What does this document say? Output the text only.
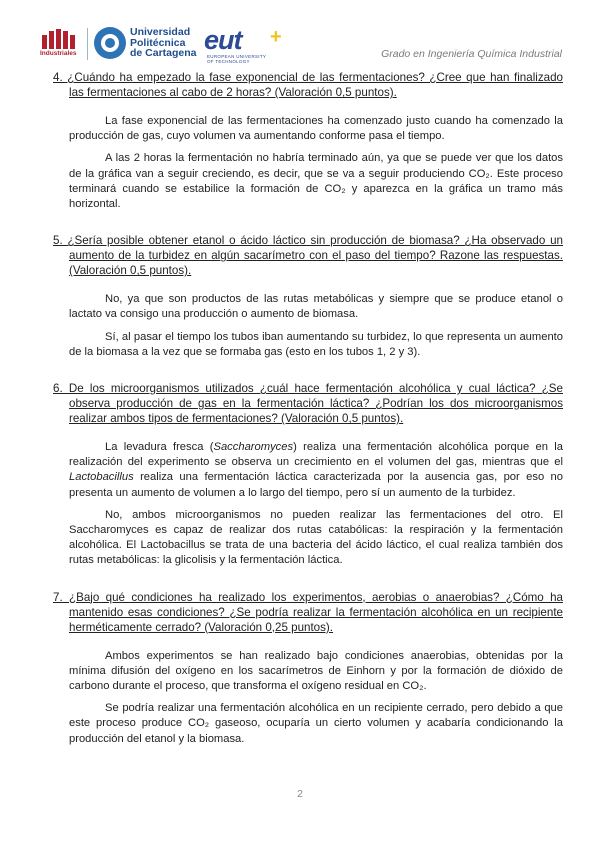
Industriales
Universidad
Politécnica
de Cartagena eut +
EUROPEAN UNIVERSITY
OF TECHNOLOGY
Grado en Ingeniería Química Industrial

4. ¿Cuándo ha empezado la fase exponencial de las fermentaciones? ¿Cree que han finalizado las fermentaciones al cabo de 2 horas? (Valoración 0,5 puntos).

La fase exponencial de las fermentaciones ha comenzado justo cuando ha comenzado la producción de gas, cuyo volumen va aumentando conforme pasa el tiempo.

A las 2 horas la fermentación no habría terminado aún, ya que se puede ver que los datos de la gráfica van a seguir creciendo, es decir, que se va a seguir produciendo CO₂. Este proceso terminará cuando se estabilice la formación de CO₂ y aparezca en la gráfica un tramo más horizontal.

5. ¿Sería posible obtener etanol o ácido láctico sin producción de biomasa? ¿Ha observado un aumento de la turbidez en algún sacarímetro con el paso del tiempo? Razone las respuestas. (Valoración 0,5 puntos).

No, ya que son productos de las rutas metabólicas y siempre que se produce etanol o lactato va consigo una producción o aumento de biomasa.

Sí, al pasar el tiempo los tubos iban aumentando su turbidez, lo que representa un aumento de la biomasa a la vez que se formaba gas (esto en los tubos 1, 2 y 3).

6. De los microorganismos utilizados ¿cuál hace fermentación alcohólica y cual láctica? ¿Se observa producción de gas en la fermentación láctica? ¿Podrían los dos microorganismos realizar ambos tipos de fermentaciones? (Valoración 0,5 puntos).

La levadura fresca (Saccharomyces) realiza una fermentación alcohólica porque en la realización del experimento se observa un crecimiento en el volumen del gas, mientras que el Lactobacillus realiza una fermentación láctica caracterizada por la ausencia gas, por eso no presenta un aumento de volumen a lo largo del tiempo, pero sí un aumento de la turbidez.

No, ambos microorganismos no pueden realizar las fermentaciones del otro. El Saccharomyces es capaz de realizar dos rutas catabólicas: la respiración y la fermentación alcohólica. El Lactobacillus se trata de una bacteria del ácido láctico, el cual realiza también dos rutas metabólicas: la glicolisis y la fermentación láctica.

7. ¿Bajo qué condiciones ha realizado los experimentos, aerobias o anaerobias? ¿Cómo ha mantenido esas condiciones? ¿Se podría realizar la fermentación alcohólica en un recipiente herméticamente cerrado? (Valoración 0,25 puntos).

Ambos experimentos se han realizado bajo condiciones anaerobias, obtenidas por la mínima difusión del oxígeno en los sacarímetros de Einhorn y por la formación de dióxido de carbono durante el proceso, que transforma el oxígeno residual en CO₂.

Se podría realizar una fermentación alcohólica en un recipiente cerrado, pero debido a que este proceso produce CO₂ gaseoso, ocuparía un cierto volumen y acabaría condicionando la producción del etanol y la biomasa.

2
